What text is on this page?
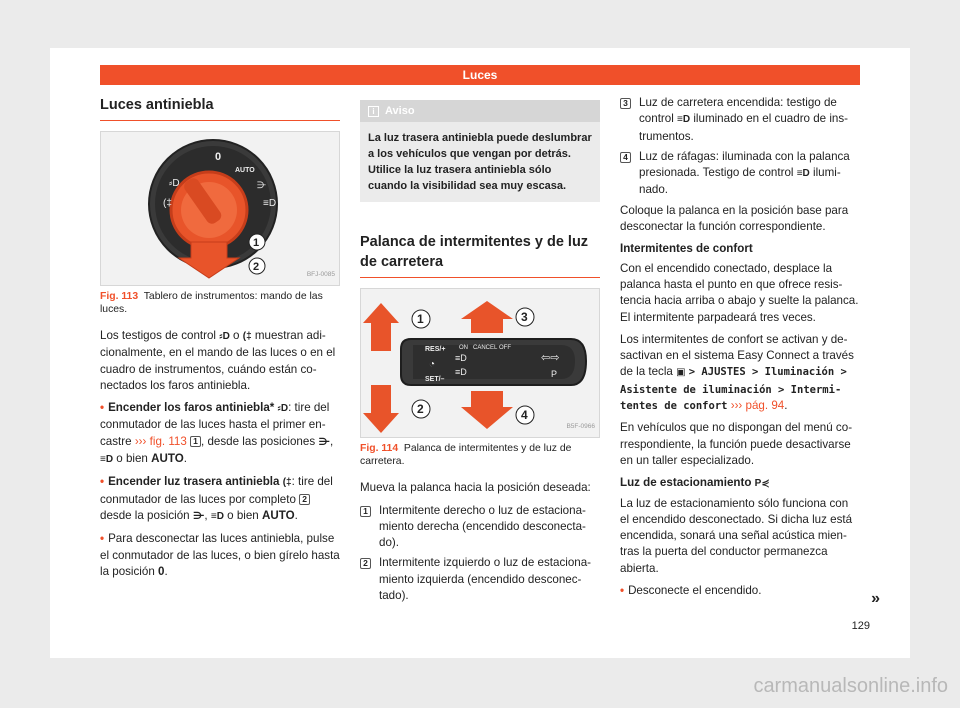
Luces
Luces antiniebla
0
AUTO
⋺
≡D
⸗D
(‡
1
2
BFJ-0085
Fig. 113 Tablero de instrumentos: mando de las luces.

Los testigos de control ⸗D o (‡ muestran adicionalmente, en el mando de las luces o en el cuadro de instrumentos, cuándo están conectados los faros antiniebla.

• Encender los faros antiniebla* ⸗D: tire del conmutador de las luces hasta el primer encastre ››› fig. 113 1 , desde las posiciones ⋺, ≡D o bien AUTO.
• Encender luz trasera antiniebla (‡: tire del conmutador de las luces por completo 2 desde la posición ⋺, ≡D o bien AUTO.
• Para desconectar las luces antiniebla, pulse el conmutador de las luces, o bien gírelo hasta la posición 0.
i Aviso
La luz trasera antiniebla puede deslumbrar a los vehículos que vengan por detrás. Utilice la luz trasera antiniebla sólo cuando la visibilidad sea muy escasa.
Palanca de intermitentes y de luz de carretera
RES/+
SET/–
ON CANCEL OFF
◔
≡D
≡D
⇦⇨
P
1
2
3
4
B5F-0966
Fig. 114 Palanca de intermitentes y de luz de carretera.

Mueva la palanca hacia la posición deseada:

1 Intermitente derecho o luz de estacionamiento derecha (encendido desconectado).
2 Intermitente izquierdo o luz de estacionamiento izquierda (encendido desconectado).
3 Luz de carretera encendida: testigo de control ≡D iluminado en el cuadro de instrumentos.
4 Luz de ráfagas: iluminada con la palanca presionada. Testigo de control ≡D iluminado.

Coloque la palanca en la posición base para desconectar la función correspondiente.

Intermitentes de confort

Con el encendido conectado, desplace la palanca hasta el punto en que ofrece resistencia hacia arriba o abajo y suelte la palanca. El intermitente parpadeará tres veces.

Los intermitentes de confort se activan y desactivan en el sistema Easy Connect a través de la tecla ▣ > AJUSTES > Iluminación > Asistente de iluminación > Intermitentes de confort ››› pág. 94.

En vehículos que no dispongan del menú correspondiente, la función puede desactivarse en un taller especializado.

Luz de estacionamiento P⋞

La luz de estacionamiento sólo funciona con el encendido desconectado. Si dicha luz está encendida, sonará una señal acústica mientras la puerta del conductor permanezca abierta.

• Desconecte el encendido.	»
129
carmanualsonline.info
